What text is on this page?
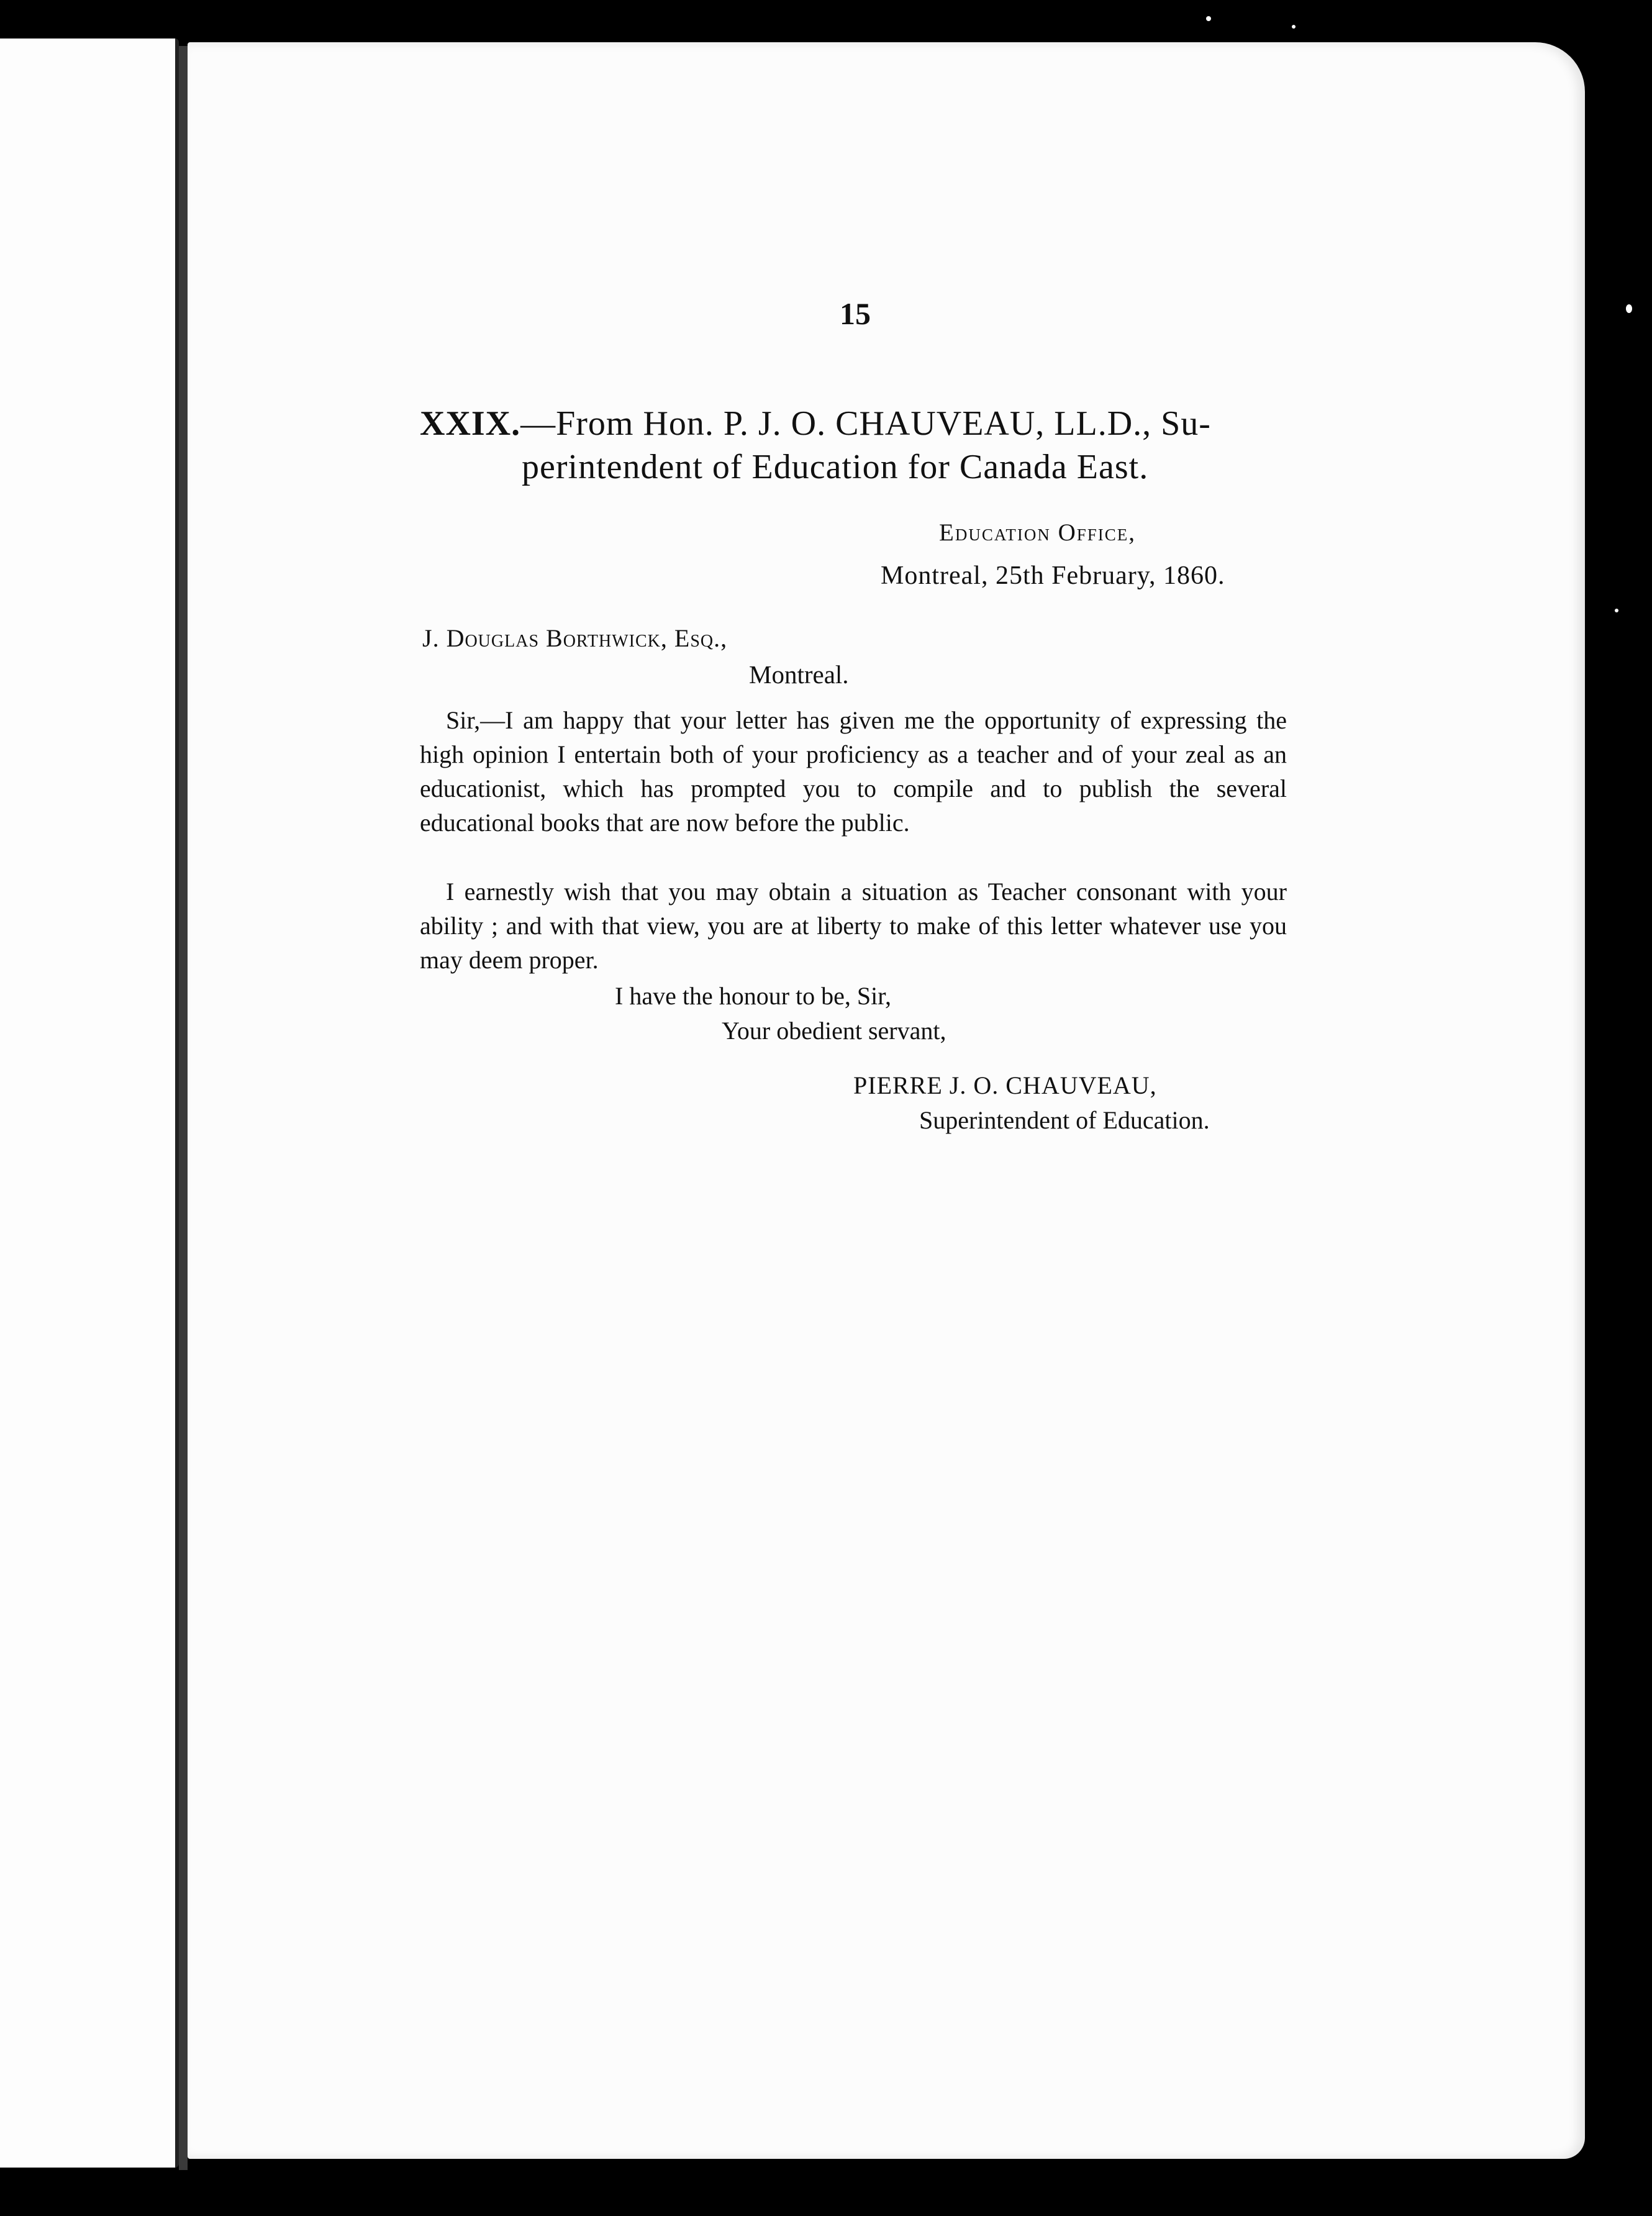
15
XXIX.—From Hon. P. J. O. CHAUVEAU, LL.D., Su-
perintendent of Education for Canada East.
Education Office,
Montreal, 25th February, 1860.
J. Douglas Borthwick, Esq.,
Montreal.

Sir,—I am happy that your letter has given me the opportunity of expressing the high opinion I entertain both of your proficiency as a teacher and of your zeal as an educationist, which has prompted you to compile and to publish the several educational books that are now before the public.

I earnestly wish that you may obtain a situation as Teacher consonant with your ability ; and with that view, you are at liberty to make of this letter whatever use you may deem proper.

I have the honour to be, Sir,
Your obedient servant,
PIERRE J. O. CHAUVEAU,
Superintendent of Education.
